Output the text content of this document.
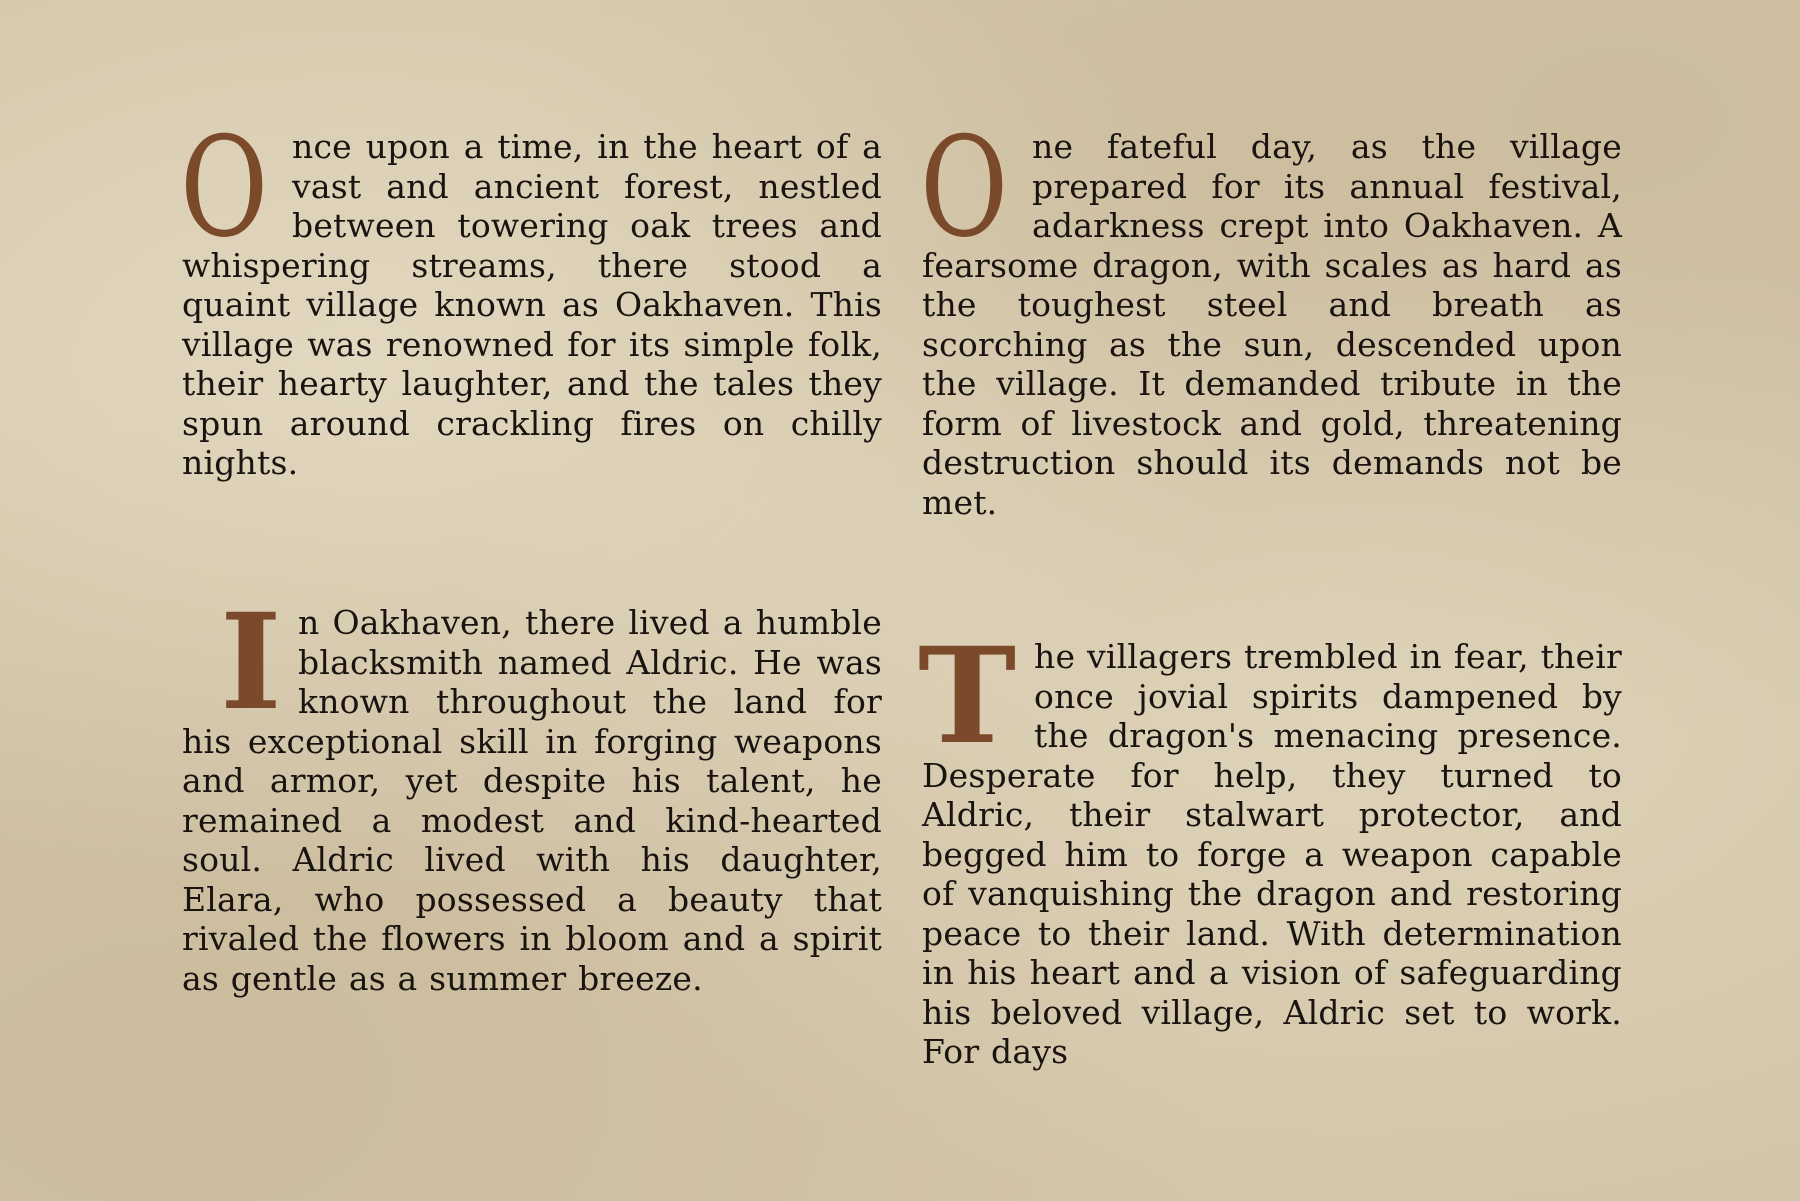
O nce upon a time, in the heart of a vast and ancient forest, nestled between towering oak trees and whispering streams, there stood a quaint village known as Oakhaven. This village was renowned for its simple folk, their hearty laughter, and the tales they spun around crackling fires on chilly nights.
O ne fateful day, as the village prepared for its annual festival, adarkness crept into Oakhaven. A fearsome dragon, with scales as hard as the toughest steel and breath as scorching as the sun, descended upon the village. It demanded tribute in the form of livestock and gold, threatening destruction should its demands not be met.
I n Oakhaven, there lived a humble blacksmith named Aldric. He was known throughout the land for his exceptional skill in forging weapons and armor, yet despite his talent, he remained a modest and kind-hearted soul. Aldric lived with his daughter, Elara, who possessed a beauty that rivaled the flowers in bloom and a spirit as gentle as a summer breeze.
T he villagers trembled in fear, their once jovial spirits dampened by the dragon's menacing presence. Desperate for help, they turned to Aldric, their stalwart protector, and begged him to forge a weapon capable of vanquishing the dragon and restoring peace to their land. With determination in his heart and a vision of safeguarding his beloved village, Aldric set to work. For days
